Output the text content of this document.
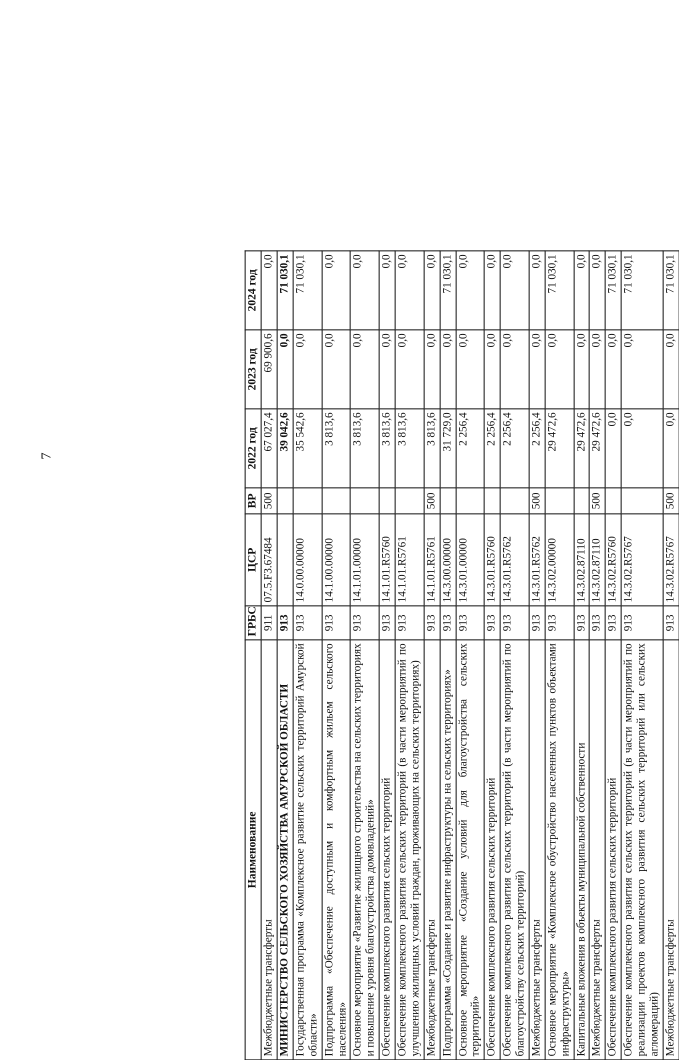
7
Наименование	ГРБС	ЦСР	ВР	2022 год	2023 год	2024 год
Межбюджетные трансферты	911	07.5.F3.67484	500	67 027,4	69 900,6	0,0
МИНИСТЕРСТВО СЕЛЬСКОГО ХОЗЯЙСТВА АМУРСКОЙ ОБЛАСТИ	913			39 042,6	0,0	71 030,1
Государственная программа «Комплексное развитие сельских территорий Амурской области»	913	14.0.00.00000		35 542,6	0,0	71 030,1
Подпрограмма «Обеспечение доступным и комфортным жильем сельского населения»	913	14.1.00.00000		3 813,6	0,0	0,0
Основное мероприятие «Развитие жилищного строительства на сельских территориях и повышение уровня благоустройства домовладений»	913	14.1.01.00000		3 813,6	0,0	0,0
Обеспечение комплексного развития сельских территорий	913	14.1.01.R5760		3 813,6	0,0	0,0
Обеспечение комплексного развития сельских территорий (в части мероприятий по улучшению жилищных условий граждан, проживающих на сельских территориях)	913	14.1.01.R5761		3 813,6	0,0	0,0
Межбюджетные трансферты	913	14.1.01.R5761	500	3 813,6	0,0	0,0
Подпрограмма «Создание и развитие инфраструктуры на сельских территориях»	913	14.3.00.00000		31 729,0	0,0	71 030,1
Основное мероприятие «Создание условий для благоустройства сельских территорий»	913	14.3.01.00000		2 256,4	0,0	0,0
Обеспечение комплексного развития сельских территорий	913	14.3.01.R5760		2 256,4	0,0	0,0
Обеспечение комплексного развития сельских территорий (в части мероприятий по благоустройству сельских территорий)	913	14.3.01.R5762		2 256,4	0,0	0,0
Межбюджетные трансферты	913	14.3.01.R5762	500	2 256,4	0,0	0,0
Основное мероприятие «Комплексное обустройство населенных пунктов объектами инфраструктуры»	913	14.3.02.00000		29 472,6	0,0	71 030,1
Капитальные вложения в объекты муниципальной собственности	913	14.3.02.87110		29 472,6	0,0	0,0
Межбюджетные трансферты	913	14.3.02.87110	500	29 472,6	0,0	0,0
Обеспечение комплексного развития сельских территорий	913	14.3.02.R5760		0,0	0,0	71 030,1
Обеспечение комплексного развития сельских территорий (в части мероприятий по реализации проектов комплексного развития сельских территорий или сельских агломераций)	913	14.3.02.R5767		0,0	0,0	71 030,1
Межбюджетные трансферты	913	14.3.02.R5767	500	0,0	0,0	71 030,1
